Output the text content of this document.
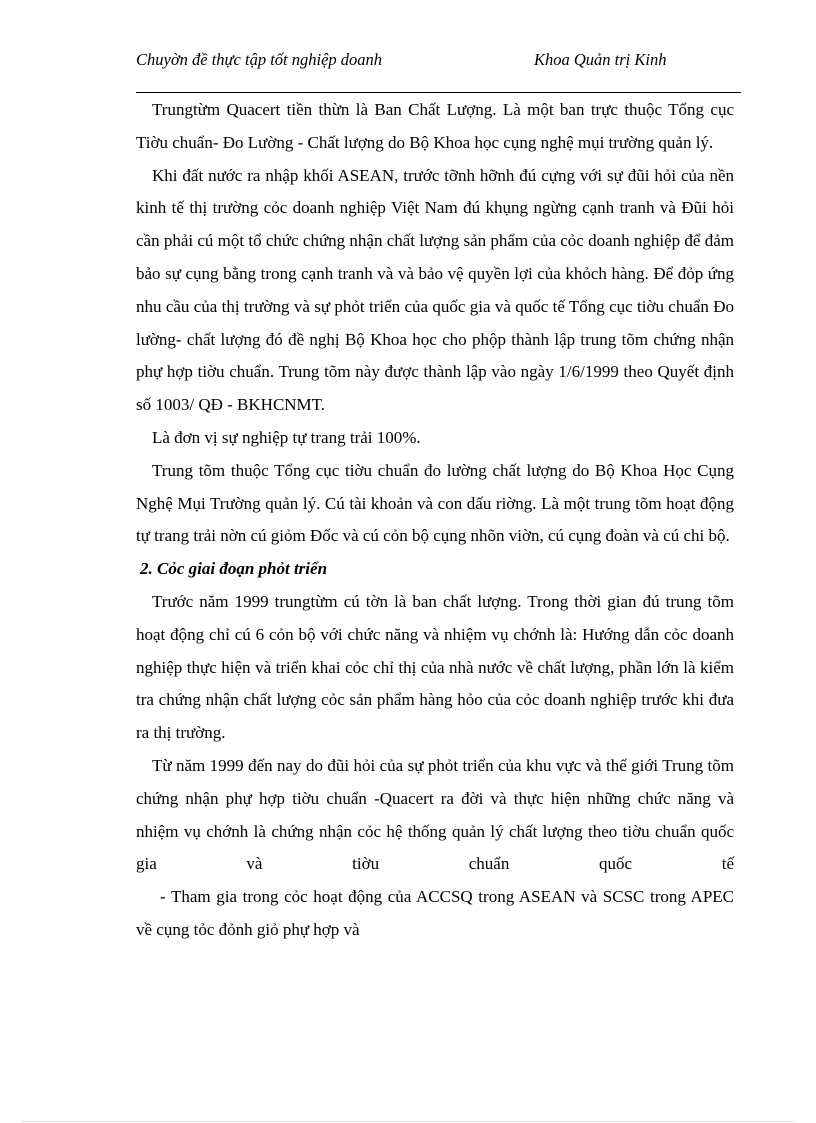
Chuyờn đề thực tập tốt nghiệp doanh	Khoa Quản trị Kinh

Trungtừm Quacert tiền thừn là Ban Chất Lượng. Là một ban trực thuộc Tổng cục Tiờu chuẩn- Đo Lường - Chất lượng do Bộ Khoa học cụng nghệ mụi trường quản lý.

Khi đất nước ra nhập khối ASEAN, trước tỡnh hỡnh đú cựng với sự đũi hỏi của nền kinh tế thị trường cỏc doanh nghiệp Việt Nam đú khụng ngừng cạnh tranh và Đũi hỏi cần phải cú một tổ chức chứng nhận chất lượng sản phẩm của cỏc doanh nghiệp để đảm bảo sự cụng bằng trong cạnh tranh và và bảo vệ quyền lợi của khỏch hàng. Để đỏp ứng nhu cầu của thị trường và sự phỏt triển của quốc gia và quốc tế Tổng cục tiờu chuẩn Đo lường- chất lượng đó đề nghị Bộ Khoa học cho phộp thành lập trung tõm chứng nhận phự hợp tiờu chuẩn. Trung tõm này được thành lập vào ngày 1/6/1999 theo Quyết định số 1003/ QĐ - BKHCNMT.

Là đơn vị sự nghiệp tự trang trải 100%.

Trung tõm thuộc Tổng cục tiờu chuẩn đo lường chất lượng do Bộ Khoa Học Cụng Nghệ Mụi Trường quản lý. Cú tài khoản và con dấu riờng. Là một trung tõm hoạt động tự trang trải nờn cú giỏm Đốc và cú cỏn bộ cụng nhõn viờn, cú cụng đoàn và cú chi bộ.

2. Cỏc giai đoạn phỏt triển

Trước năm 1999 trungtừm cú tờn là ban chất lượng. Trong thời gian đú trung tõm hoạt động chỉ cú 6 cỏn bộ với chức năng và nhiệm vụ chớnh là: Hướng dẫn cỏc doanh nghiệp thực hiện và triển khai cỏc chỉ thị của nhà nước về chất lượng, phần lớn là kiểm tra chứng nhận chất lượng cỏc sản phẩm hàng hỏo của cỏc doanh nghiệp trước khi đưa ra thị trường.

Từ năm 1999 đến nay do đũi hỏi của sự phỏt triển của khu vực và thế giới Trung tõm chứng nhận phự hợp tiờu chuẩn -Quacert ra đời và thực hiện những chức năng và nhiệm vụ chớnh là chứng nhận cỏc hệ thống quản lý chất lượng theo tiờu chuẩn quốc gia và tiờu chuẩn quốc tế

- Tham gia trong cỏc hoạt động của ACCSQ trong ASEAN và SCSC trong APEC về cụng tỏc đỏnh giỏ phự hợp và
